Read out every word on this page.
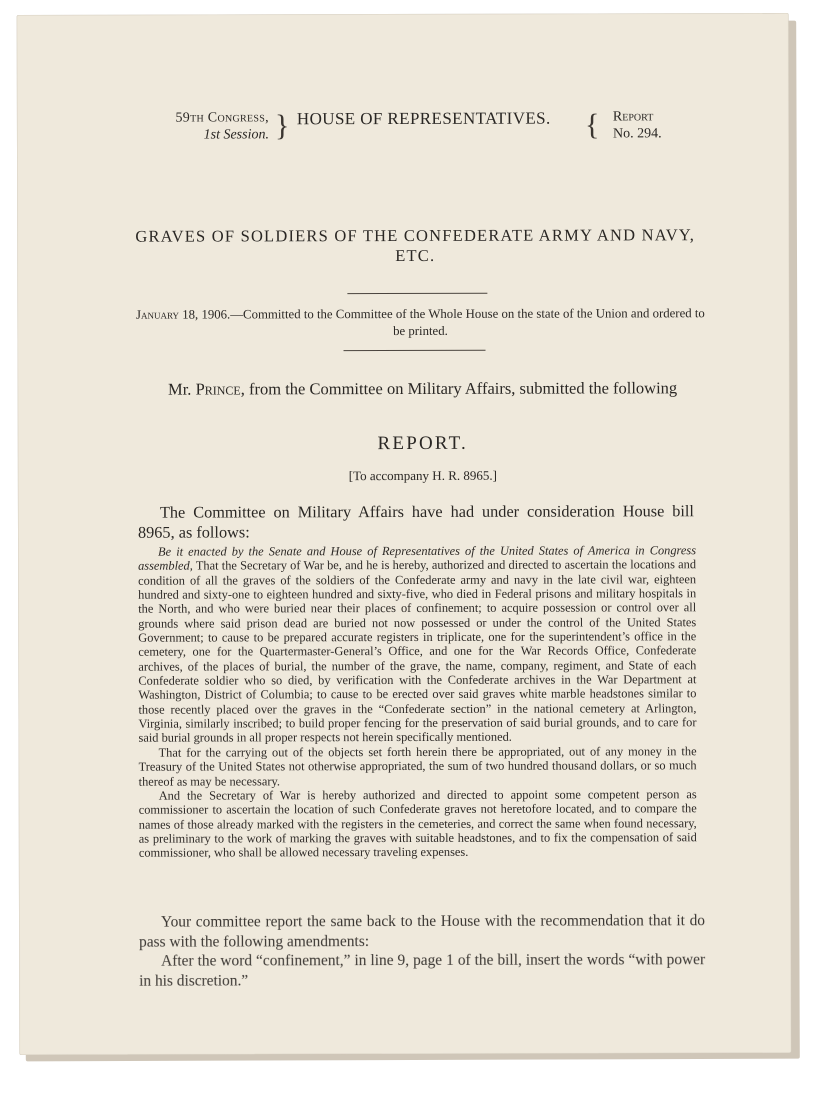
59th Congress,
1st Session. } HOUSE OF REPRESENTATIVES. { Report
No. 294.
GRAVES OF SOLDIERS OF THE CONFEDERATE ARMY AND NAVY, ETC.
January 18, 1906.—Committed to the Committee of the Whole House on the state of the Union and ordered to be printed.
Mr. Prince, from the Committee on Military Affairs, submitted the following
REPORT.
[To accompany H. R. 8965.]
The Committee on Military Affairs have had under consideration House bill 8965, as follows:

Be it enacted by the Senate and House of Representatives of the United States of America in Congress assembled, That the Secretary of War be, and he is hereby, authorized and directed to ascertain the locations and condition of all the graves of the soldiers of the Confederate army and navy in the late civil war, eighteen hundred and sixty-one to eighteen hundred and sixty-five, who died in Federal prisons and military hospitals in the North, and who were buried near their places of confinement; to acquire possession or control over all grounds where said prison dead are buried not now possessed or under the control of the United States Government; to cause to be prepared accurate registers in triplicate, one for the superintendent’s office in the cemetery, one for the Quartermaster-General’s Office, and one for the War Records Office, Confederate archives, of the places of burial, the number of the grave, the name, company, regiment, and State of each Confederate soldier who so died, by verification with the Confederate archives in the War Department at Washington, District of Columbia; to cause to be erected over said graves white marble headstones similar to those recently placed over the graves in the “Confederate section” in the national cemetery at Arlington, Virginia, similarly inscribed; to build proper fencing for the preservation of said burial grounds, and to care for said burial grounds in all proper respects not herein specifically mentioned.

That for the carrying out of the objects set forth herein there be appropriated, out of any money in the Treasury of the United States not otherwise appropriated, the sum of two hundred thousand dollars, or so much thereof as may be necessary.

And the Secretary of War is hereby authorized and directed to appoint some competent person as commissioner to ascertain the location of such Confederate graves not heretofore located, and to compare the names of those already marked with the registers in the cemeteries, and correct the same when found necessary, as preliminary to the work of marking the graves with suitable headstones, and to fix the compensation of said commissioner, who shall be allowed necessary traveling expenses.

Your committee report the same back to the House with the recommendation that it do pass with the following amendments:

After the word “confinement,” in line 9, page 1 of the bill, insert the words “with power in his discretion.”
